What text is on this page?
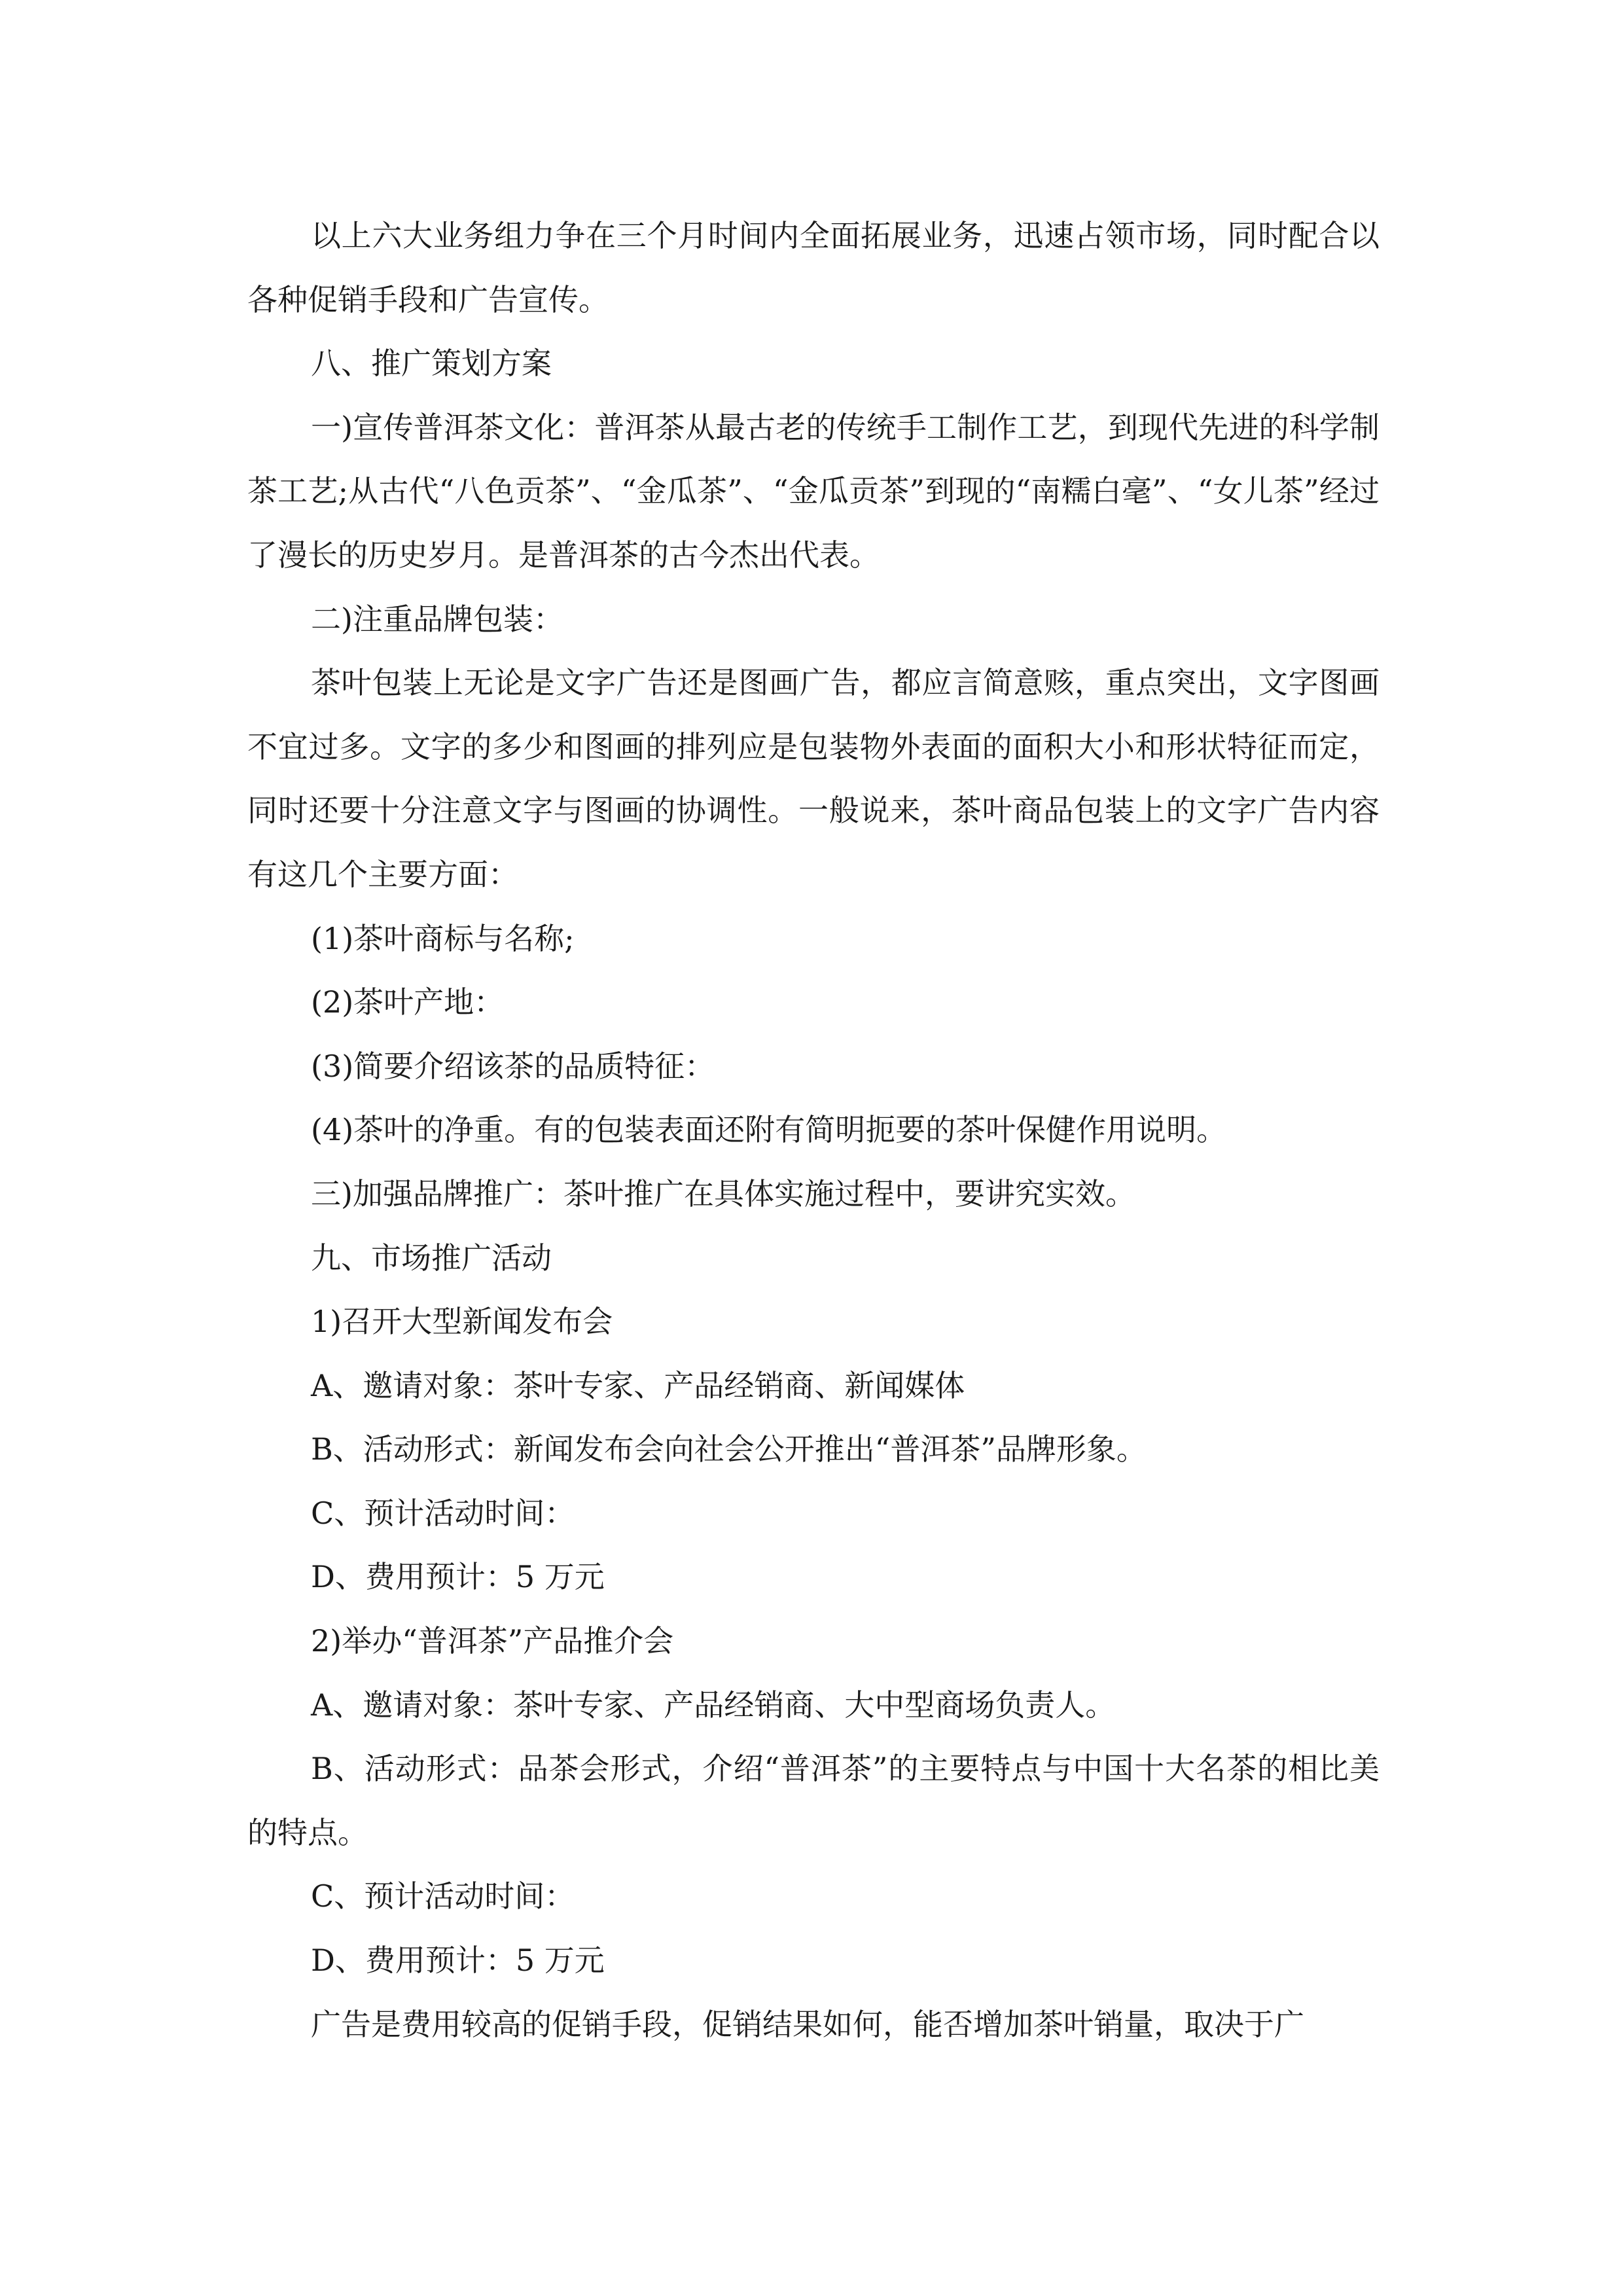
以上六大业务组力争在三个月时间内全面拓展业务，迅速占领市场，同时配合以各种促销手段和广告宣传。

八、推广策划方案

一)宣传普洱茶文化：普洱茶从最古老的传统手工制作工艺，到现代先进的科学制茶工艺;从古代“八色贡茶”、“金瓜茶”、“金瓜贡茶”到现的“南糯白毫”、“女儿茶”经过了漫长的历史岁月。是普洱茶的古今杰出代表。

二)注重品牌包装：

茶叶包装上无论是文字广告还是图画广告，都应言简意赅，重点突出，文字图画不宜过多。文字的多少和图画的排列应是包装物外表面的面积大小和形状特征而定，同时还要十分注意文字与图画的协调性。一般说来，茶叶商品包装上的文字广告内容有这几个主要方面：

(1)茶叶商标与名称;

(2)茶叶产地：

(3)简要介绍该茶的品质特征：

(4)茶叶的净重。有的包装表面还附有简明扼要的茶叶保健作用说明。

三)加强品牌推广：茶叶推广在具体实施过程中，要讲究实效。

九、市场推广活动

1)召开大型新闻发布会

A、邀请对象：茶叶专家、产品经销商、新闻媒体

B、活动形式：新闻发布会向社会公开推出“普洱茶”品牌形象。

C、预计活动时间：

D、费用预计：5 万元

2)举办“普洱茶”产品推介会

A、邀请对象：茶叶专家、产品经销商、大中型商场负责人。

B、活动形式：品茶会形式，介绍“普洱茶”的主要特点与中国十大名茶的相比美的特点。

C、预计活动时间：

D、费用预计：5 万元

广告是费用较高的促销手段，促销结果如何，能否增加茶叶销量，取决于广
